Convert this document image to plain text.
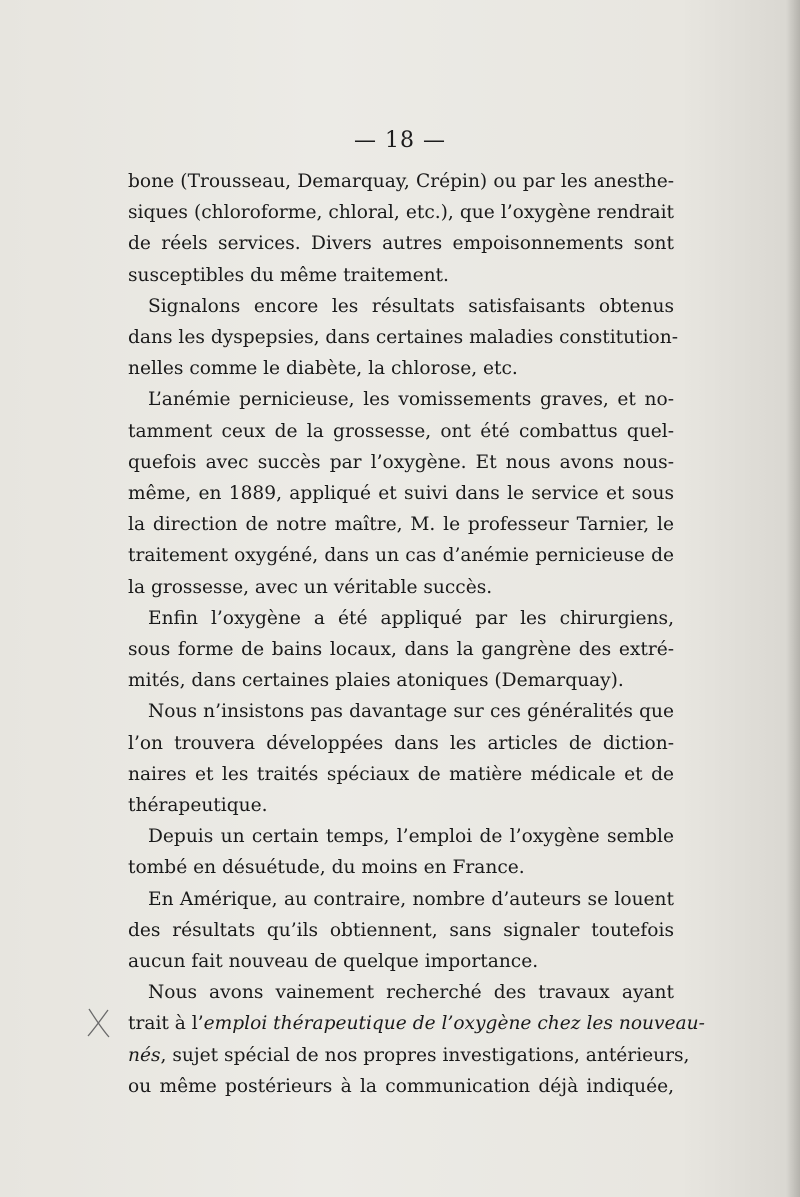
— 18 —

bone (Trousseau, Demarquay, Crépin) ou par les anesthe-
siques (chloroforme, chloral, etc.), que l’oxygène rendrait
de réels services. Divers autres empoisonnements sont
susceptibles du même traitement.

Signalons encore les résultats satisfaisants obtenus
dans les dyspepsies, dans certaines maladies constitution-
nelles comme le diabète, la chlorose, etc.

L’anémie pernicieuse, les vomissements graves, et no-
tamment ceux de la grossesse, ont été combattus quel-
quefois avec succès par l’oxygène. Et nous avons nous-
même, en 1889, appliqué et suivi dans le service et sous
la direction de notre maître, M. le professeur Tarnier, le
traitement oxygéné, dans un cas d’anémie pernicieuse de
la grossesse, avec un véritable succès.

Enfin l’oxygène a été appliqué par les chirurgiens,
sous forme de bains locaux, dans la gangrène des extré-
mités, dans certaines plaies atoniques (Demarquay).

Nous n’insistons pas davantage sur ces généralités que
l’on trouvera développées dans les articles de diction-
naires et les traités spéciaux de matière médicale et de
thérapeutique.

Depuis un certain temps, l’emploi de l’oxygène semble
tombé en désuétude, du moins en France.

En Amérique, au contraire, nombre d’auteurs se louent
des résultats qu’ils obtiennent, sans signaler toutefois
aucun fait nouveau de quelque importance.

Nous avons vainement recherché des travaux ayant
trait à l’emploi thérapeutique de l’oxygène chez les nouveau-
nés, sujet spécial de nos propres investigations, antérieurs,
ou même postérieurs à la communication déjà indiquée,
